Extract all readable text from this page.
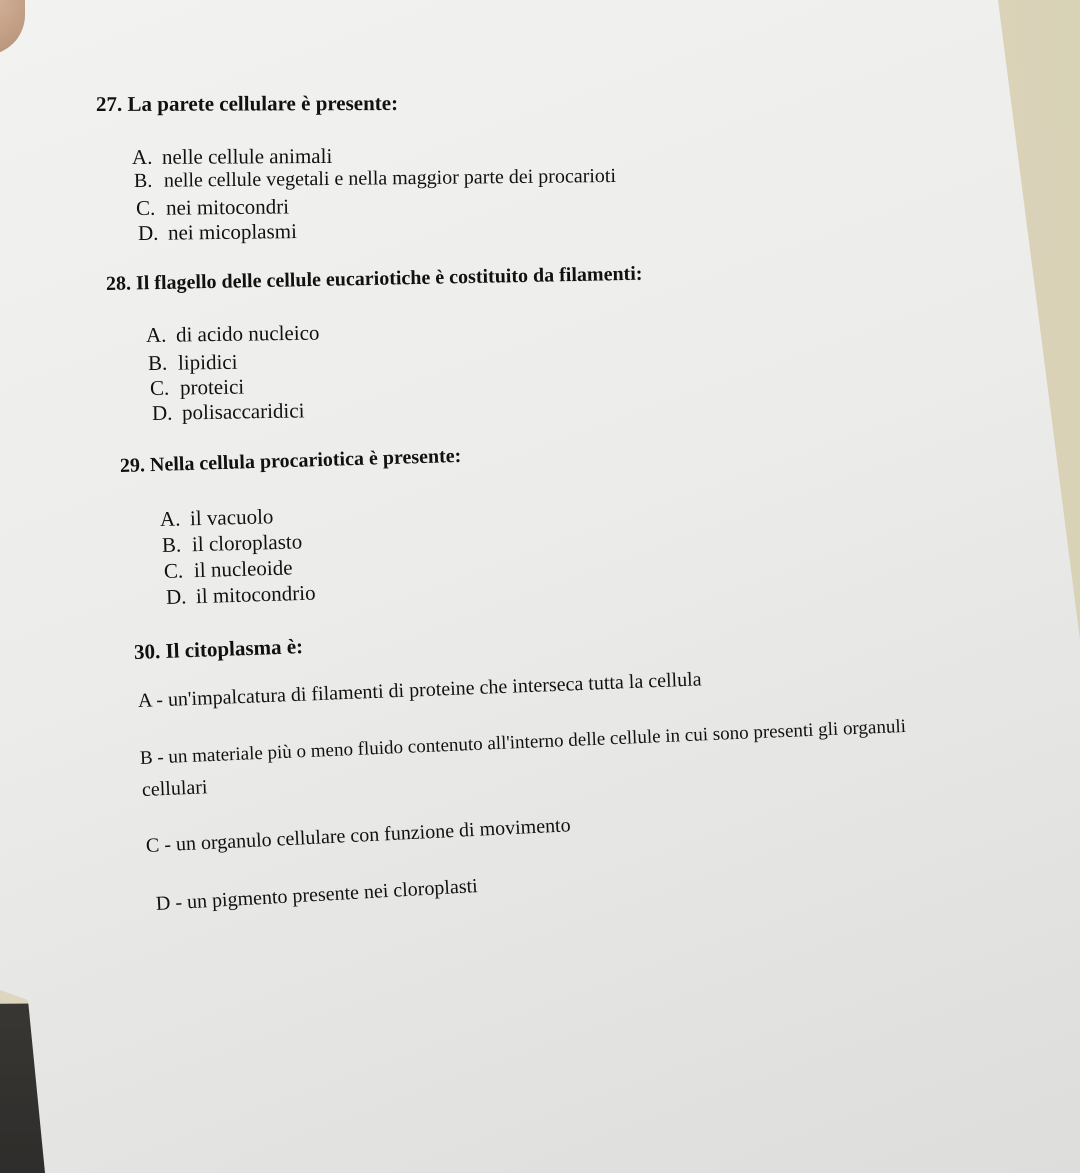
27. La parete cellulare è presente:
A. nelle cellule animali
B. nelle cellule vegetali e nella maggior parte dei procarioti
C. nei mitocondri
D. nei micoplasmi
28. Il flagello delle cellule eucariotiche è costituito da filamenti:
A. di acido nucleico
B. lipidici
C. proteici
D. polisaccaridici
29. Nella cellula procariotica è presente:
A. il vacuolo
B. il cloroplasto
C. il nucleoide
D. il mitocondrio
30. Il citoplasma è:
A - un'impalcatura di filamenti di proteine che interseca tutta la cellula
B - un materiale più o meno fluido contenuto all'interno delle cellule in cui sono presenti gli organuli
cellulari
C - un organulo cellulare con funzione di movimento
D - un pigmento presente nei cloroplasti
